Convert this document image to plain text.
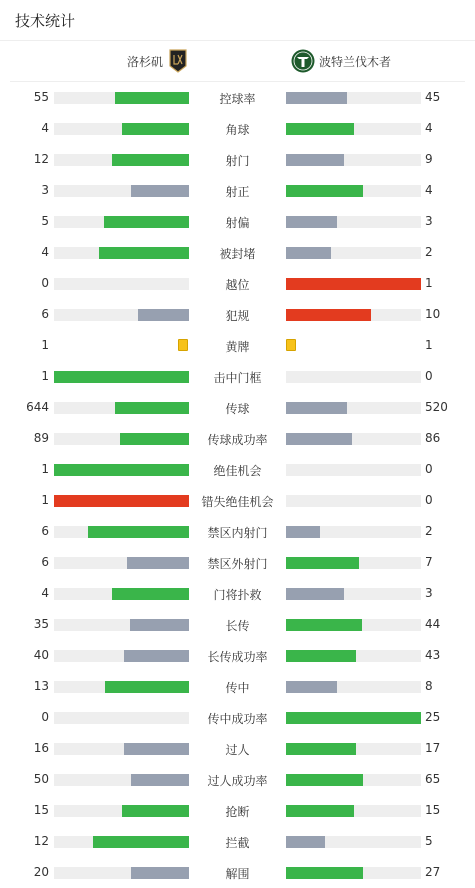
技术统计
洛杉矶	波特兰伐木者
55	控球率	45
4	角球	4
12	射门	9
3	射正	4
5	射偏	3
4	被封堵	2
0	越位	1
6	犯规	10
1	黄牌	1
1	击中门框	0
644	传球	520
89	传球成功率	86
1	绝佳机会	0
1	错失绝佳机会	0
6	禁区内射门	2
6	禁区外射门	7
4	门将扑救	3
35	长传	44
40	长传成功率	43
13	传中	8
0	传中成功率	25
16	过人	17
50	过人成功率	65
15	抢断	15
12	拦截	5
20	解围	27
